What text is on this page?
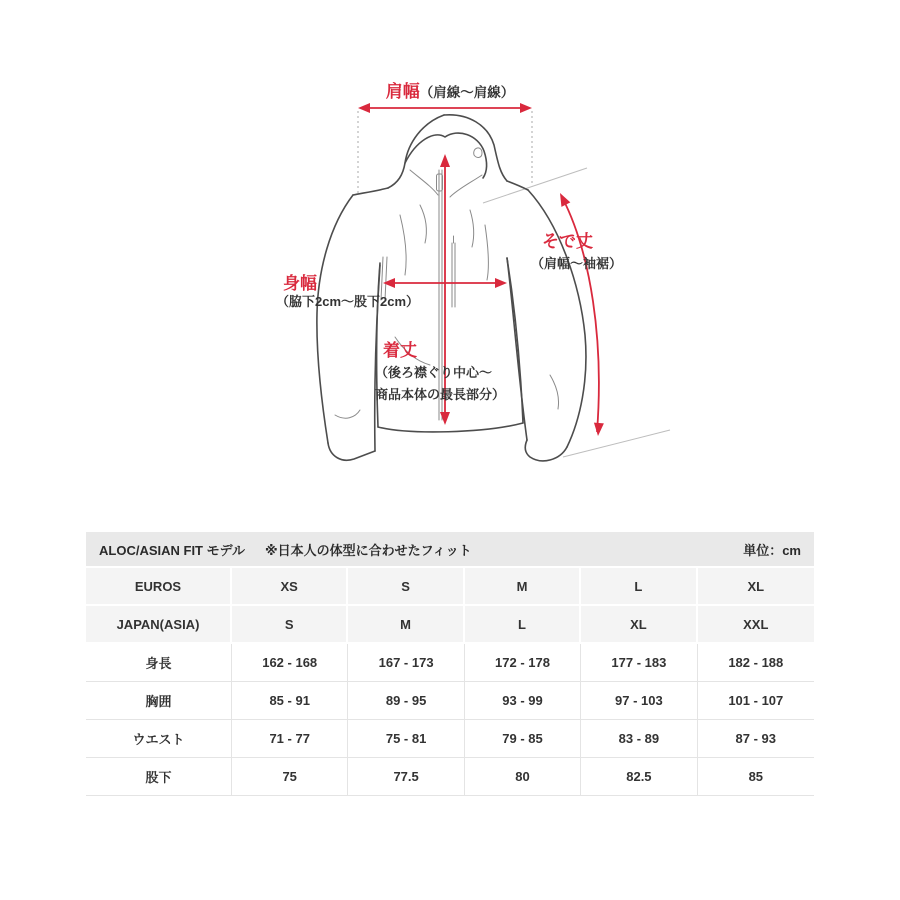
肩幅（肩線～肩線）
そで丈
（肩幅～袖裾）
身幅
（脇下2cm～股下2cm）
着丈
（後ろ襟ぐり中心～
商品本体の最長部分）
ALOC/ASIAN FIT モデル ※日本人の体型に合わせたフィット	単位：cm
EUROS	XS	S	M	L	XL
JAPAN(ASIA)	S	M	L	XL	XXL
身長	162 - 168	167 - 173	172 - 178	177 - 183	182 - 188
胸囲	85 - 91	89 - 95	93 - 99	97 - 103	101 - 107
ウエスト	71 - 77	75 - 81	79 - 85	83 - 89	87 - 93
股下	75	77.5	80	82.5	85
